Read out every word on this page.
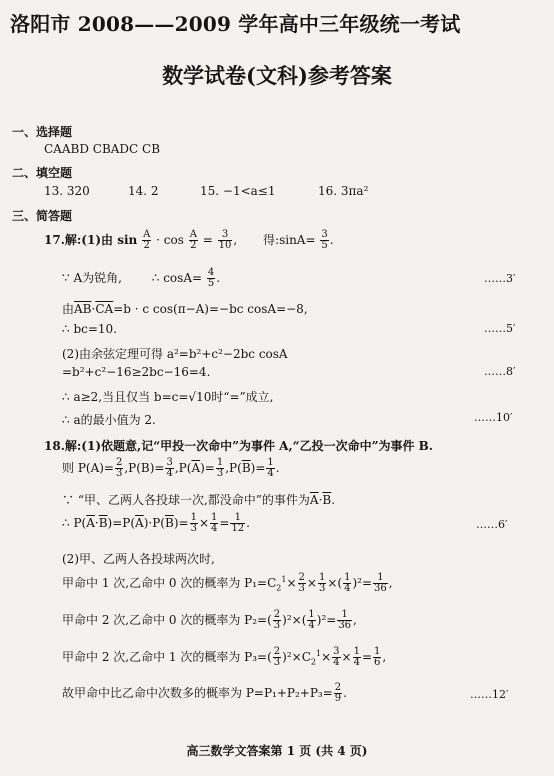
洛阳市 2008——2009 学年高中三年级统一考试
数学试卷(文科)参考答案
一、选择题
CAABD CBADC CB
二、填空题
13. 320	14. 2	15. −1<a≤1	16. 3πa²
三、简答题
17.解:(1)由 $\sin \frac{A}{2} \cdot \cos \frac{A}{2} = \frac{3}{10}$ , 得:sinA= $\frac{3}{5}$ .
∵ A为锐角, ∴ $\cos A= \frac{4}{5}$ .	……3′
由$\overline{AB}\cdot\overline{CA}=b \cdot c$ cos(π−A)=−bc cosA=−8,
∴ bc=10.	……5′
(2)由余弦定理可得 a²=b²+c²−2bc cosA
=b²+c²−16≥2bc−16=4.	……8′
∴ a≥2,当且仅当 b=c=√10时“=”成立,
∴ a的最小值为 2.	……10′
18.解:(1)依题意,记“甲投一次命中”为事件 A,“乙投一次命中”为事件 B.
则 $P(A)= \frac{2}{3} ,P(B)= \frac{3}{4} ,P(\overline{A})= \frac{1}{3} ,P(\overline{B})= \frac{1}{4}$ .
∵ “甲、乙两人各投球一次,都没命中”的事件为$\overline{A}\cdot\overline{B}$.
∴ $P(\overline{A}\cdot\overline{B})=P(\overline{A})\cdot P(\overline{B})= \frac{1}{3} \times \frac{1}{4} = \frac{1}{12}$ .	……6′
(2)甲、乙两人各投球两次时,
甲命中 1 次,乙命中 0 次的概率为 $P_1=C_2^1\times \frac{2}{3} \times \frac{1}{3}$ ×( $\frac{1}{4} )^2= \frac{1}{36}$ ,
甲命中 2 次,乙命中 0 次的概率为 $P_2=( \frac{2}{3} )^2\times( \frac{1}{4} )^2= \frac{1}{36}$ ,
甲命中 2 次,乙命中 1 次的概率为 $P_3=( \frac{2}{3} )^2\times C_2^1\times \frac{3}{4} \times \frac{1}{4} = \frac{1}{6}$ ,
故甲命中比乙命中次数多的概率为 $P=P_1+P_2+P_3= \frac{2}{9}$ .	……12′
高三数学文答案第 1 页 (共 4 页)
